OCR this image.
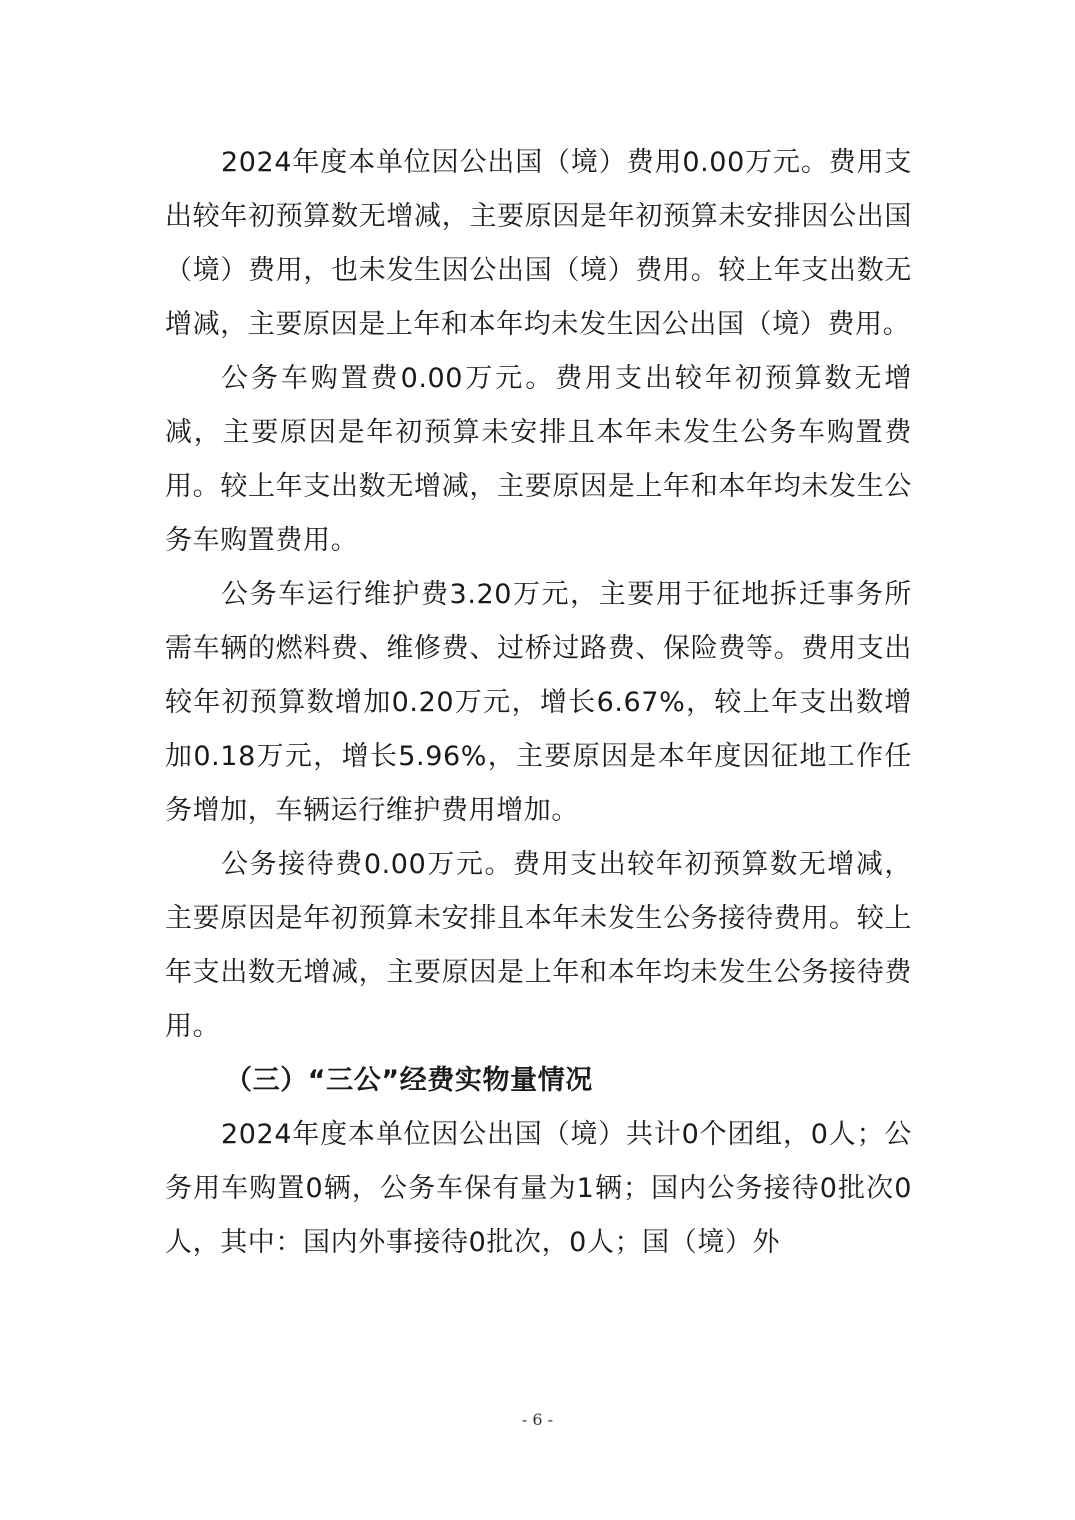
2024年度本单位因公出国（境）费用0.00万元。费用支出较年初预算数无增减，主要原因是年初预算未安排因公出国（境）费用，也未发生因公出国（境）费用。较上年支出数无增减，主要原因是上年和本年均未发生因公出国（境）费用。

公务车购置费0.00万元。费用支出较年初预算数无增减，主要原因是年初预算未安排且本年未发生公务车购置费用。较上年支出数无增减，主要原因是上年和本年均未发生公务车购置费用。

公务车运行维护费3.20万元，主要用于征地拆迁事务所需车辆的燃料费、维修费、过桥过路费、保险费等。费用支出较年初预算数增加0.20万元，增长6.67%，较上年支出数增加0.18万元，增长5.96%，主要原因是本年度因征地工作任务增加，车辆运行维护费用增加。

公务接待费0.00万元。费用支出较年初预算数无增减，主要原因是年初预算未安排且本年未发生公务接待费用。较上年支出数无增减，主要原因是上年和本年均未发生公务接待费用。

（三）“三公”经费实物量情况

2024年度本单位因公出国（境）共计0个团组，0人；公务用车购置0辆，公务车保有量为1辆；国内公务接待0批次0人，其中：国内外事接待0批次，0人；国（境）外

- 6 -
